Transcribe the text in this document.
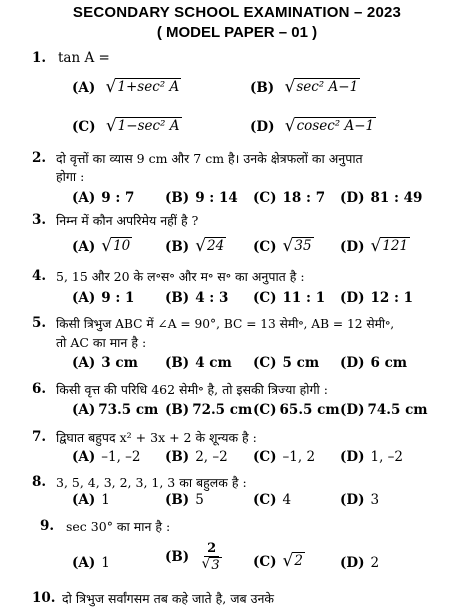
SECONDARY SCHOOL EXAMINATION – 2023
( MODEL PAPER – 01 )
1. tan A =
(A) √ 1+sec² A	(B) √ sec² A−1
(C) √ 1−sec² A	(D) √ cosec² A−1
2. दो वृत्तों का व्यास 9 cm और 7 cm है। उनके क्षेत्रफलों का अनुपात
होगा :
(A) 9 : 7 (B) 9 : 14 (C) 18 : 7 (D) 81 : 49
3. निम्न में कौन अपरिमेय नहीं है ?
(A) √ 10	(B) √ 24 (C) √ 35 (D) √ 121
4. 5, 15 और 20 के ल॰स॰ और म॰ स॰ का अनुपात है :
(A) 9 : 1 (B) 4 : 3 (C) 11 : 1 (D) 12 : 1
5. किसी त्रिभुज ABC में ∠A = 90°, BC = 13 सेमी॰, AB = 12 सेमी॰,
तो AC का मान है :
(A) 3 cm (B) 4 cm (C) 5 cm (D) 6 cm
6. किसी वृत्त की परिधि 462 सेमी॰ है, तो इसकी त्रिज्या होगी :
(A) 73.5 cm (B) 72.5 cm (C) 65.5 cm (D) 74.5 cm
7. द्विघात बहुपद x² + 3x + 2 के शून्यक है :
(A) –1, –2 (B) 2, –2 (C) –1, 2 (D) 1, –2
8. 3, 5, 4, 3, 2, 3, 1, 3 का बहुलक है :
(A) 1	(B) 5	(C) 4	(D) 3
9. sec 30° का मान है :
(A) 1	$(B) \frac{2}{√ 3} (C)$ √ 2	(D) 2
10. दो त्रिभुज सर्वांगसम तब कहे जाते है, जब उनके
